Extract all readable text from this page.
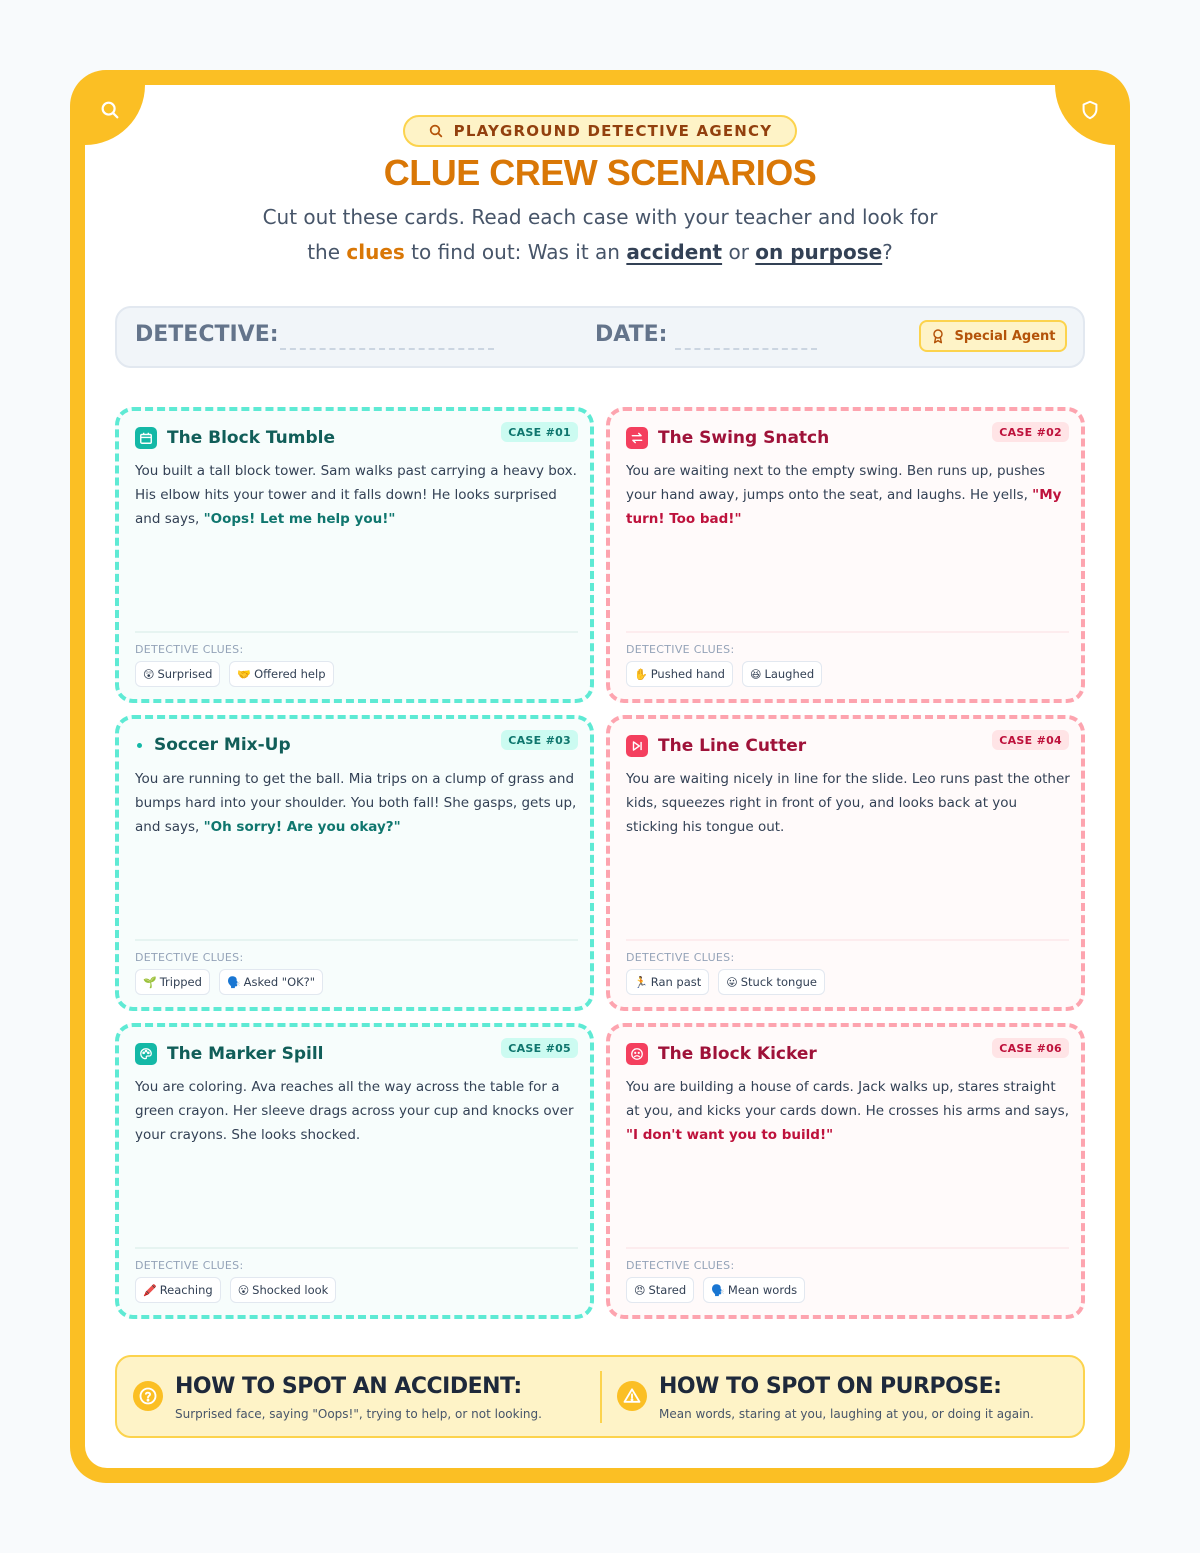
PLAYGROUND DETECTIVE AGENCY
CLUE CREW SCENARIOS
Cut out these cards. Read each case with your teacher and look for
the clues to find out: Was it an accident or on purpose?
DETECTIVE:	DATE:	Special Agent
The Block Tumble	CASE #01
You built a tall block tower. Sam walks past carrying a heavy box. His elbow hits your tower and it falls down! He looks surprised and says, "Oops! Let me help you!"
DETECTIVE CLUES:
😲 Surprised 🤝 Offered help
The Swing Snatch	CASE #02
You are waiting next to the empty swing. Ben runs up, pushes your hand away, jumps onto the seat, and laughs. He yells, "My turn! Too bad!"
DETECTIVE CLUES:
✋ Pushed hand 😆 Laughed
Soccer Mix-Up	CASE #03
You are running to get the ball. Mia trips on a clump of grass and bumps hard into your shoulder. You both fall! She gasps, gets up, and says, "Oh sorry! Are you okay?"
DETECTIVE CLUES:
🌱 Tripped 🗣️ Asked "OK?"
The Line Cutter	CASE #04
You are waiting nicely in line for the slide. Leo runs past the other kids, squeezes right in front of you, and looks back at you sticking his tongue out.
DETECTIVE CLUES:
🏃 Ran past 😛 Stuck tongue
The Marker Spill	CASE #05
You are coloring. Ava reaches all the way across the table for a green crayon. Her sleeve drags across your cup and knocks over your crayons. She looks shocked.
DETECTIVE CLUES:
🖍️ Reaching 😮 Shocked look
The Block Kicker	CASE #06
You are building a house of cards. Jack walks up, stares straight at you, and kicks your cards down. He crosses his arms and says, "I don't want you to build!"
DETECTIVE CLUES:
😠 Stared 🗣️ Mean words
HOW TO SPOT AN ACCIDENT:
Surprised face, saying "Oops!", trying to help, or not looking.
HOW TO SPOT ON PURPOSE:
Mean words, staring at you, laughing at you, or doing it again.
